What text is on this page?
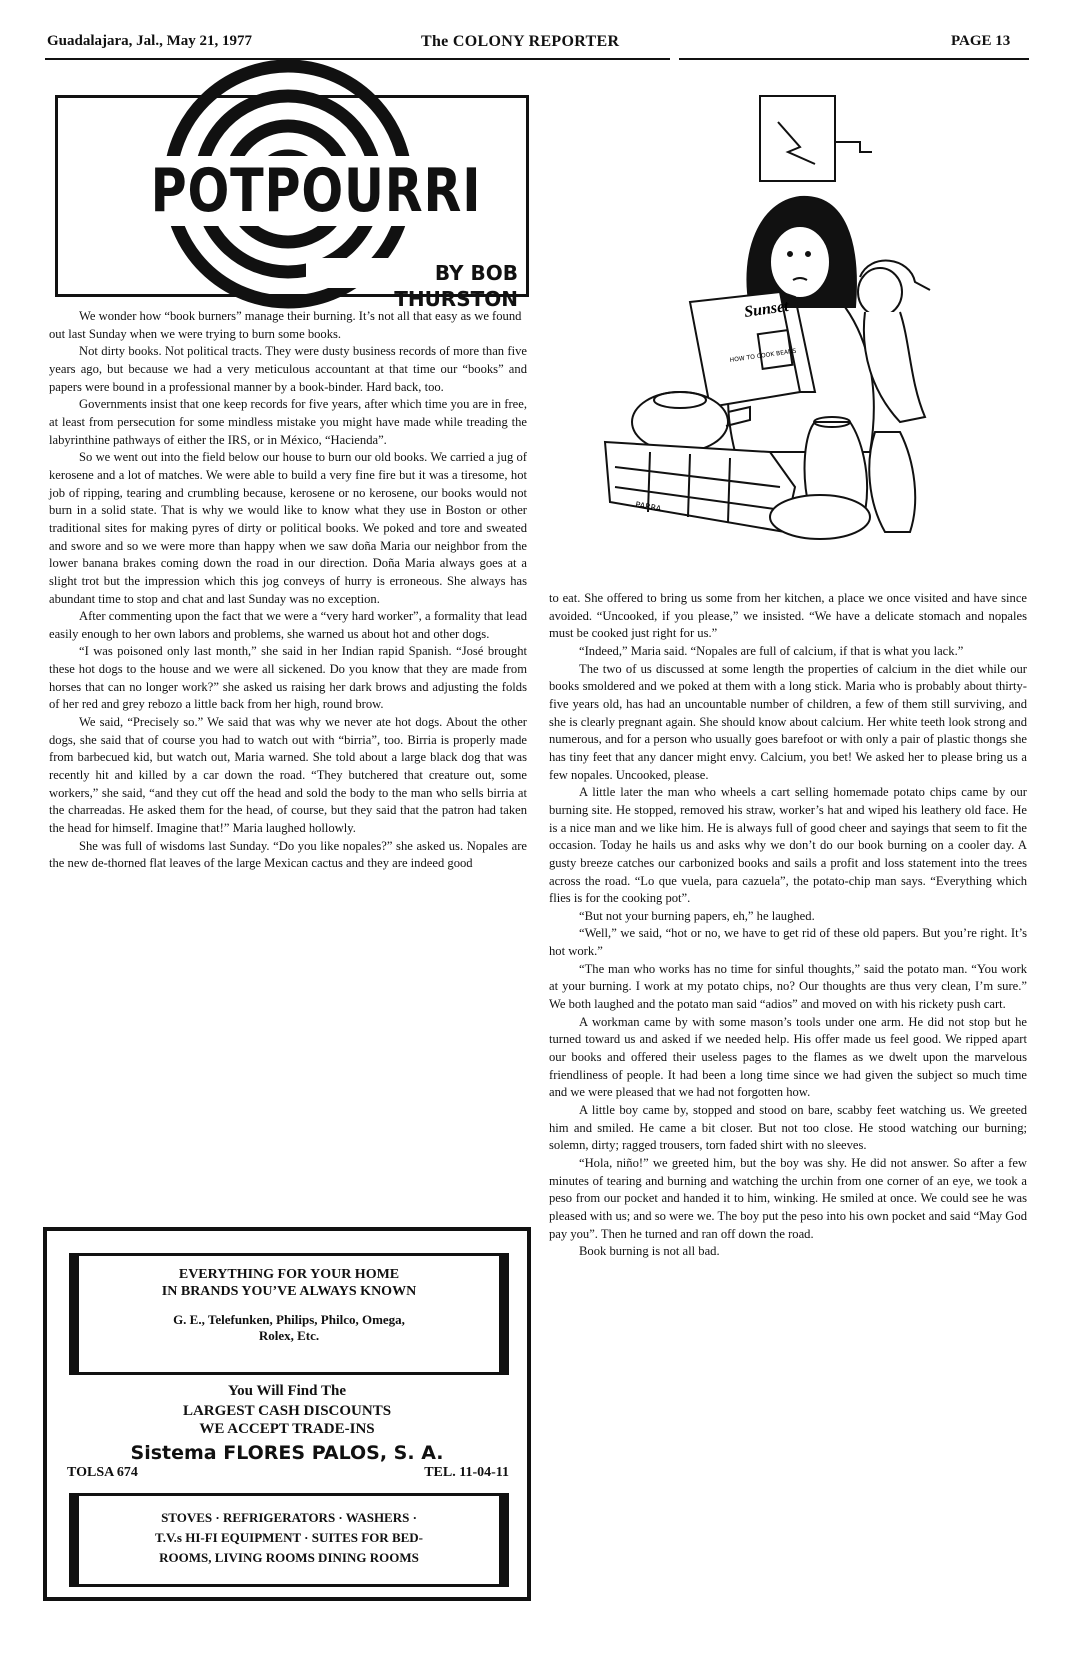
Guadalajara, Jal., May 21, 1977	The COLONY REPORTER	PAGE 13
POTPOURRI
BY BOB THURSTON

We wonder how “book burners” manage their burning. It’s not all that easy as we found out last Sunday when we were trying to burn some books.

Not dirty books. Not political tracts. They were dusty business records of more than five years ago, but because we had a very meticulous accountant at that time our “books” and papers were bound in a professional manner by a book-binder. Hard back, too.

Governments insist that one keep records for five years, after which time you are in free, at least from persecution for some mindless mistake you might have made while treading the labyrinthine pathways of either the IRS, or in México, “Hacienda”.

So we went out into the field below our house to burn our old books. We carried a jug of kerosene and a lot of matches. We were able to build a very fine fire but it was a tiresome, hot job of ripping, tearing and crumbling because, kerosene or no kerosene, our books would not burn in a solid state. That is why we would like to know what they use in Boston or other traditional sites for making pyres of dirty or political books. We poked and tore and sweated and swore and so we were more than happy when we saw doña Maria our neighbor from the lower banana brakes coming down the road in our direction. Doña Maria always goes at a slight trot but the impression which this jog conveys of hurry is erroneous. She always has abundant time to stop and chat and last Sunday was no exception.

After commenting upon the fact that we were a “very hard worker”, a formality that lead easily enough to her own labors and problems, she warned us about hot and other dogs.

“I was poisoned only last month,” she said in her Indian rapid Spanish. “José brought these hot dogs to the house and we were all sickened. Do you know that they are made from horses that can no longer work?” she asked us raising her dark brows and adjusting the folds of her red and grey rebozo a little back from her high, round brow.

We said, “Precisely so.” We said that was why we never ate hot dogs. About the other dogs, she said that of course you had to watch out with “birria”, too. Birria is properly made from barbecued kid, but watch out, Maria warned. She told about a large black dog that was recently hit and killed by a car down the road. “They butchered that creature out, some workers,” she said, “and they cut off the head and sold the body to the man who sells birria at the charreadas. He asked them for the head, of course, but they said that the patron had taken the head for himself. Imagine that!” Maria laughed hollowly.

She was full of wisdoms last Sunday. “Do you like nopales?” she asked us. Nopales are the new de-thorned flat leaves of the large Mexican cactus and they are indeed good

Sunset
HOW TO COOK BEANS
PARRA

to eat. She offered to bring us some from her kitchen, a place we once visited and have since avoided. “Uncooked, if you please,” we insisted. “We have a delicate stomach and nopales must be cooked just right for us.”

“Indeed,” Maria said. “Nopales are full of calcium, if that is what you lack.”

The two of us discussed at some length the properties of calcium in the diet while our books smoldered and we poked at them with a long stick. Maria who is probably about thirty-five years old, has had an uncountable number of children, a few of them still surviving, and she is clearly pregnant again. She should know about calcium. Her white teeth look strong and numerous, and for a person who usually goes barefoot or with only a pair of plastic thongs she has tiny feet that any dancer might envy. Calcium, you bet! We asked her to please bring us a few nopales. Uncooked, please.

A little later the man who wheels a cart selling homemade potato chips came by our burning site. He stopped, removed his straw, worker’s hat and wiped his leathery old face. He is a nice man and we like him. He is always full of good cheer and sayings that seem to fit the occasion. Today he hails us and asks why we don’t do our book burning on a cooler day. A gusty breeze catches our carbonized books and sails a profit and loss statement into the trees across the road. “Lo que vuela, para cazuela”, the potato-chip man says. “Everything which flies is for the cooking pot”.

“But not your burning papers, eh,” he laughed.

“Well,” we said, “hot or no, we have to get rid of these old papers. But you’re right. It’s hot work.”

“The man who works has no time for sinful thoughts,” said the potato man. “You work at your burning. I work at my potato chips, no? Our thoughts are thus very clean, I’m sure.” We both laughed and the potato man said “adios” and moved on with his rickety push cart.

A workman came by with some mason’s tools under one arm. He did not stop but he turned toward us and asked if we needed help. His offer made us feel good. We ripped apart our books and offered their useless pages to the flames as we dwelt upon the marvelous friendliness of people. It had been a long time since we had given the subject so much time and we were pleased that we had not forgotten how.

A little boy came by, stopped and stood on bare, scabby feet watching us. We greeted him and smiled. He came a bit closer. But not too close. He stood watching our burning; solemn, dirty; ragged trousers, torn faded shirt with no sleeves.

“Hola, niño!” we greeted him, but the boy was shy. He did not answer. So after a few minutes of tearing and burning and watching the urchin from one corner of an eye, we took a peso from our pocket and handed it to him, winking. He smiled at once. We could see he was pleased with us; and so were we. The boy put the peso into his own pocket and said “May God pay you”. Then he turned and ran off down the road.

Book burning is not all bad.

EVERYTHING FOR YOUR HOME
IN BRANDS YOU’VE ALWAYS KNOWN
G. E., Telefunken, Philips, Philco, Omega,
Rolex, Etc.
You Will Find The
LARGEST CASH DISCOUNTS
WE ACCEPT TRADE-INS
Sistema FLORES PALOS, S. A.
TOLSA 674	TEL. 11-04-11
STOVES · REFRIGERATORS · WASHERS ·
T.V.s HI-FI EQUIPMENT · SUITES FOR BED-
ROOMS, LIVING ROOMS DINING ROOMS
